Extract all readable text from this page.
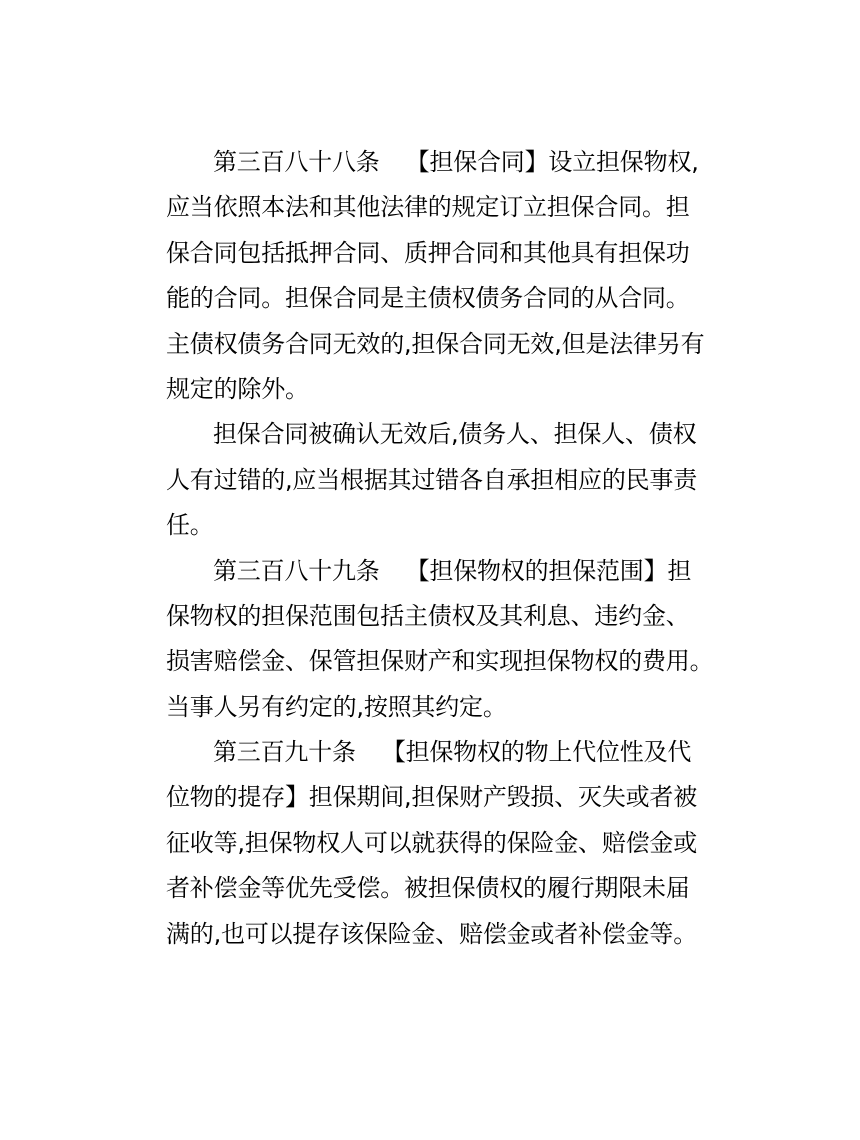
第三百八十八条 【担保合同】设立担保物权,
应当依照本法和其他法律的规定订立担保合同。担
保合同包括抵押合同、质押合同和其他具有担保功
能的合同。担保合同是主债权债务合同的从合同。
主债权债务合同无效的,担保合同无效,但是法律另有
规定的除外。
担保合同被确认无效后,债务人、担保人、债权
人有过错的,应当根据其过错各自承担相应的民事责
任。
第三百八十九条 【担保物权的担保范围】担
保物权的担保范围包括主债权及其利息、违约金、
损害赔偿金、保管担保财产和实现担保物权的费用。
当事人另有约定的,按照其约定。
第三百九十条 【担保物权的物上代位性及代
位物的提存】担保期间,担保财产毁损、灭失或者被
征收等,担保物权人可以就获得的保险金、赔偿金或
者补偿金等优先受偿。被担保债权的履行期限未届
满的,也可以提存该保险金、赔偿金或者补偿金等。
